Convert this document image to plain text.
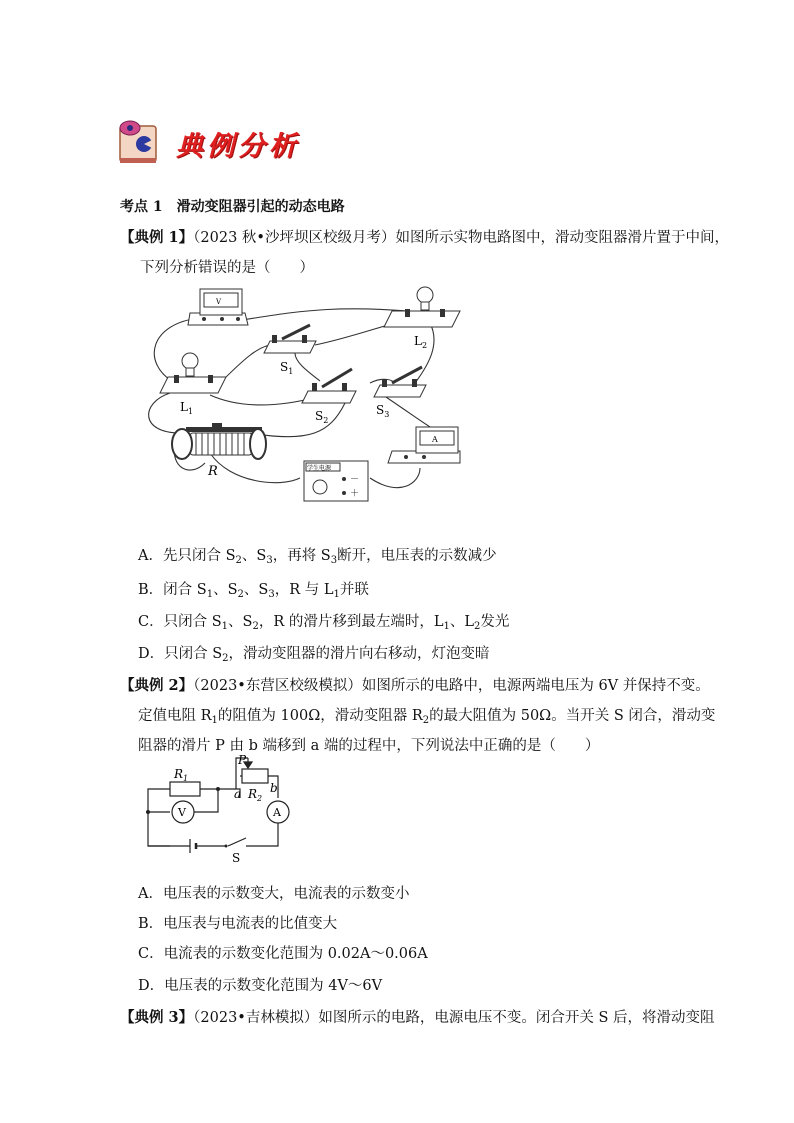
典例分析
考点 1　滑动变阻器引起的动态电路
【典例 1】（2023 秋•沙坪坝区校级月考）如图所示实物电路图中，滑动变阻器滑片置于中间，
下列分析错误的是（　　）
V
$L_2$
$S_1$
$L_1$	$S_2$
$S_3$
A
R	学生电源
－
＋
A．先只闭合 $S_2$、$S_3$，再将 $S_3$断开，电压表的示数减少
B．闭合 $S_1$、$S_2$、$S_3$，R 与 $L_1$并联
C．只闭合 $S_1$、$S_2$，R 的滑片移到最左端时，$L_1$、$L_2$发光
D．只闭合 $S_2$，滑动变阻器的滑片向右移动，灯泡变暗
【典例 2】（2023•东营区校级模拟）如图所示的电路中，电源两端电压为 6V 并保持不变。
定值电阻 $R_1$的阻值为 100Ω，滑动变阻器 $R_2$的最大阻值为 50Ω。当开关 S 闭合，滑动变
阻器的滑片 P 由 b 端移到 a 端的过程中，下列说法中正确的是（　　）
$R_1$
P
a $R_2$
b
V	A
S
A．电压表的示数变大，电流表的示数变小
B．电压表与电流表的比值变大
C．电流表的示数变化范围为 0.02A～0.06A
D．电压表的示数变化范围为 4V～6V
【典例 3】（2023•吉林模拟）如图所示的电路，电源电压不变。闭合开关 S 后，将滑动变阻
